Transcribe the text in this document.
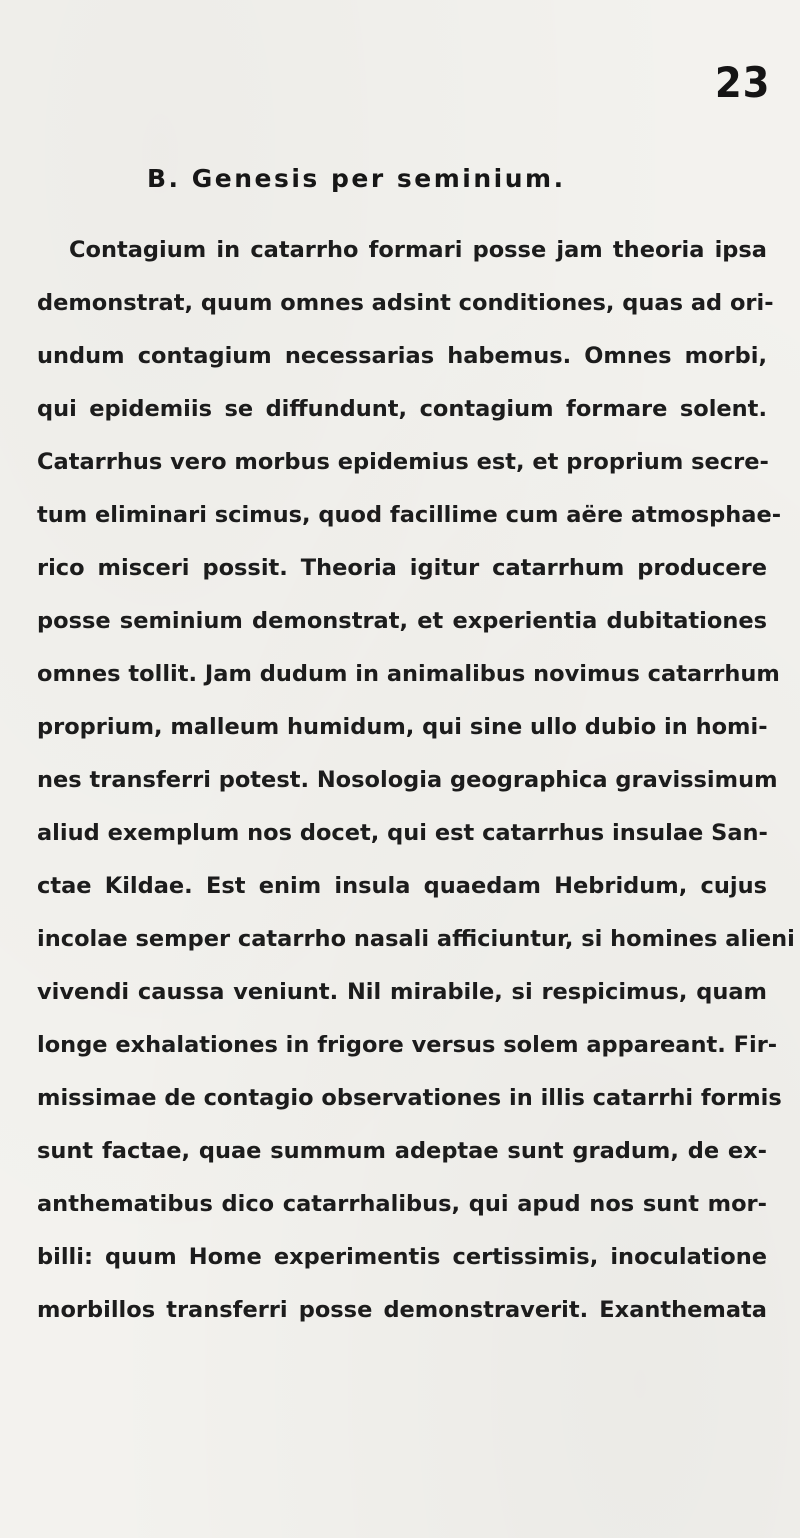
23
B. Genesis per seminium.
Contagium in catarrho formari posse jam theoria ipsa
demonstrat, quum omnes adsint conditiones, quas ad ori-
undum contagium necessarias habemus. Omnes morbi,
qui epidemiis se diffundunt, contagium formare solent.
Catarrhus vero morbus epidemius est, et proprium secre-
tum eliminari scimus, quod facillime cum aëre atmosphae-
rico misceri possit. Theoria igitur catarrhum producere
posse seminium demonstrat, et experientia dubitationes
omnes tollit. Jam dudum in animalibus novimus catarrhum
proprium, malleum humidum, qui sine ullo dubio in homi-
nes transferri potest. Nosologia geographica gravissimum
aliud exemplum nos docet, qui est catarrhus insulae San-
ctae Kildae. Est enim insula quaedam Hebridum, cujus
incolae semper catarrho nasali afficiuntur, si homines alieni
vivendi caussa veniunt. Nil mirabile, si respicimus, quam
longe exhalationes in frigore versus solem appareant. Fir-
missimae de contagio observationes in illis catarrhi formis
sunt factae, quae summum adeptae sunt gradum, de ex-
anthematibus dico catarrhalibus, qui apud nos sunt mor-
billi: quum Home experimentis certissimis, inoculatione
morbillos transferri posse demonstraverit. Exanthemata
